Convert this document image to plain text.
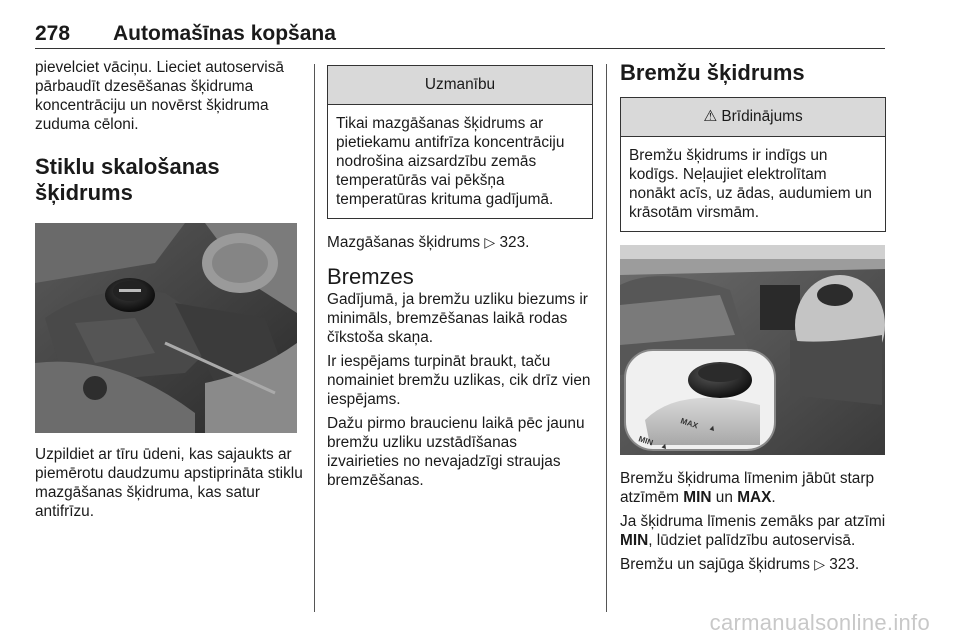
278 Automašīnas kopšana

pievelciet vāciņu. Lieciet autoservisā pārbaudīt dzesēšanas šķidruma koncentrāciju un novērst šķidruma zuduma cēloni.

Stiklu skalošanas šķidrums

Uzpildiet ar tīru ūdeni, kas sajaukts ar piemērotu daudzumu apstiprināta stiklu mazgāšanas šķidruma, kas satur antifrīzu.

Uzmanību
Tikai mazgāšanas šķidrums ar pietiekamu antifrīza koncentrāciju nodrošina aizsardzību zemās temperatūrās vai pēkšņa temperatūras krituma gadījumā.

Mazgāšanas šķidrums ▷ 323.

Bremzes

Gadījumā, ja bremžu uzliku biezums ir minimāls, bremzēšanas laikā rodas čīkstoša skaņa.

Ir iespējams turpināt braukt, taču nomainiet bremžu uzlikas, cik drīz vien iespējams.

Dažu pirmo braucienu laikā pēc jaunu bremžu uzliku uzstādīšanas izvairieties no nevajadzīgi straujas bremzēšanas.

Bremžu šķidrums
⚠ Brīdinājums
Bremžu šķidrums ir indīgs un kodīgs. Neļaujiet elektrolītam nonākt acīs, uz ādas, audumiem un krāsotām virsmām.
MAX ▲
MIN ▲

Bremžu šķidruma līmenim jābūt starp atzīmēm MIN un MAX.

Ja šķidruma līmenis zemāks par atzīmi MIN, lūdziet palīdzību autoservisā.

Bremžu un sajūga šķidrums ▷ 323.

carmanualsonline.info
